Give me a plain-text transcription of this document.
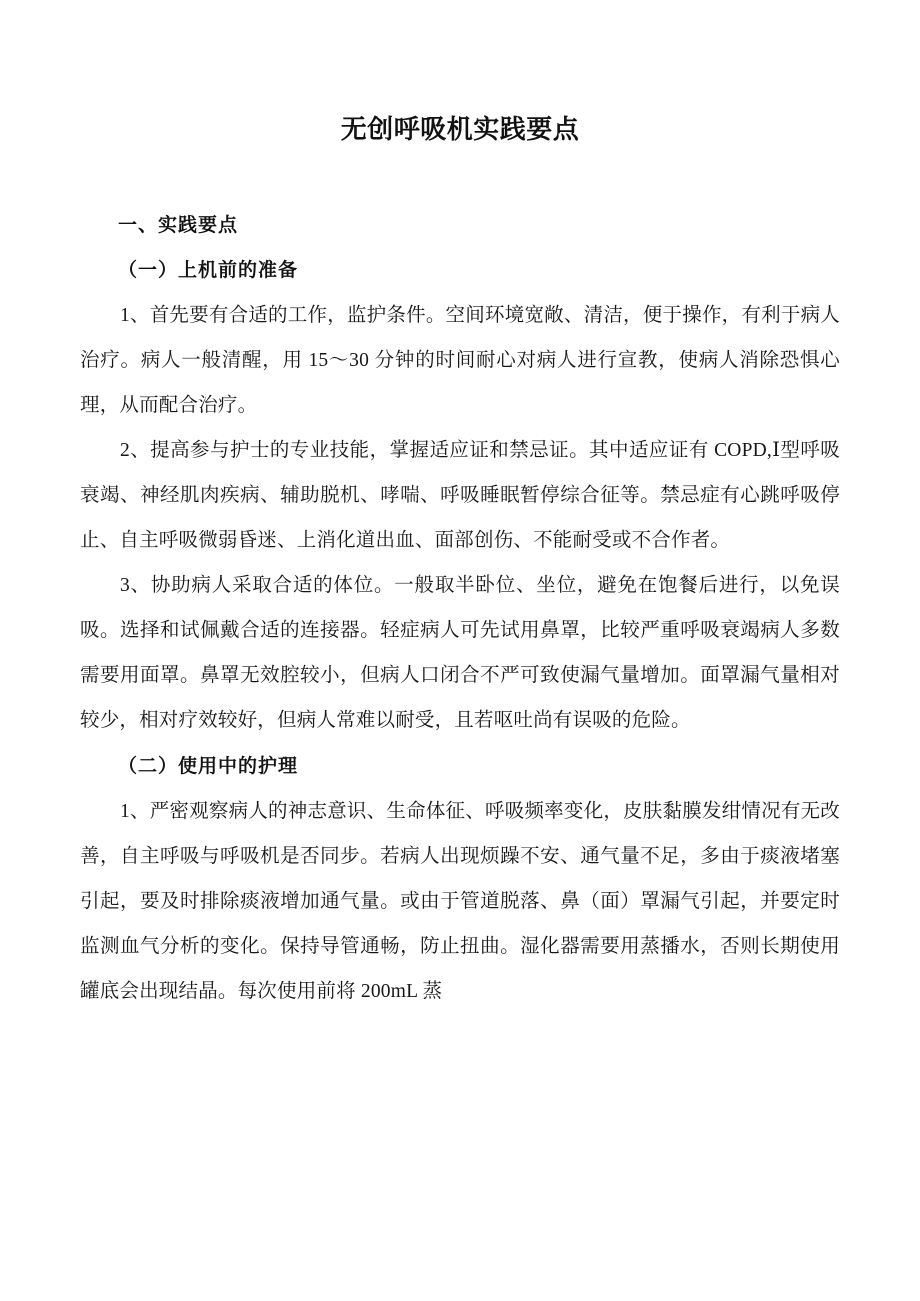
无创呼吸机实践要点
一、实践要点
（一）上机前的准备

1、首先要有合适的工作，监护条件。空间环境宽敞、清洁，便于操作，有利于病人治疗。病人一般清醒，用 15～30 分钟的时间耐心对病人进行宣教，使病人消除恐惧心理，从而配合治疗。

2、提高参与护士的专业技能，掌握适应证和禁忌证。其中适应证有 COPD,Ⅰ型呼吸衰竭、神经肌肉疾病、辅助脱机、哮喘、呼吸睡眠暂停综合征等。禁忌症有心跳呼吸停止、自主呼吸微弱昏迷、上消化道出血、面部创伤、不能耐受或不合作者。

3、协助病人采取合适的体位。一般取半卧位、坐位，避免在饱餐后进行，以免误吸。选择和试佩戴合适的连接器。轻症病人可先试用鼻罩，比较严重呼吸衰竭病人多数需要用面罩。鼻罩无效腔较小，但病人口闭合不严可致使漏气量增加。面罩漏气量相对较少，相对疗效较好，但病人常难以耐受，且若呕吐尚有误吸的危险。

（二）使用中的护理

1、严密观察病人的神志意识、生命体征、呼吸频率变化，皮肤黏膜发绀情况有无改善，自主呼吸与呼吸机是否同步。若病人出现烦躁不安、通气量不足，多由于痰液堵塞引起，要及时排除痰液增加通气量。或由于管道脱落、鼻（面）罩漏气引起，并要定时监测血气分析的变化。保持导管通畅，防止扭曲。湿化器需要用蒸播水，否则长期使用罐底会出现结晶。每次使用前将 200mL 蒸
